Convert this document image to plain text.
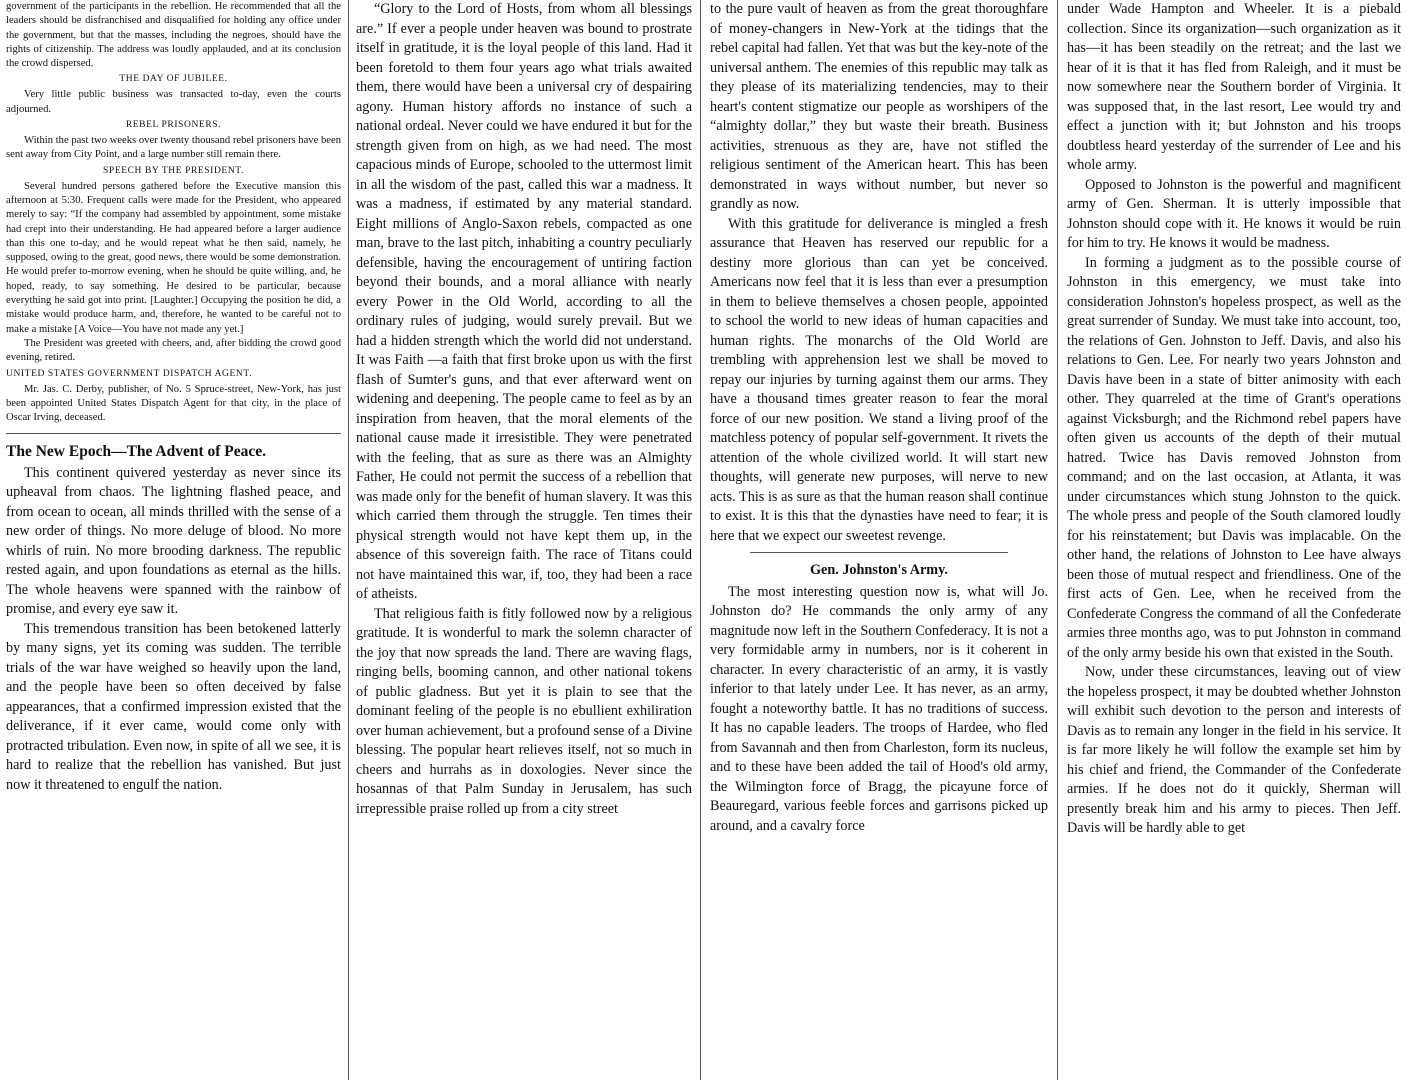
government of the participants in the rebellion. He recommended that all the leaders should be disfranchised and disqualified for holding any office under the government, but that the masses, including the negroes, should have the rights of citizenship. The address was loudly applauded, and at its conclusion the crowd dispersed.

THE DAY OF JUBILEE.

Very little public business was transacted to-day, even the courts adjourned.

REBEL PRISONERS.

Within the past two weeks over twenty thousand rebel prisoners have been sent away from City Point, and a large number still remain there.

SPEECH BY THE PRESIDENT.

Several hundred persons gathered before the Executive mansion this afternoon at 5:30. Frequent calls were made for the President, who appeared merely to say: “If the company had assembled by appointment, some mistake had crept into their understanding. He had appeared before a larger audience than this one to-day, and he would repeat what he then said, namely, he supposed, owing to the great, good news, there would be some demonstration. He would prefer to-morrow evening, when he should be quite willing, and, he hoped, ready, to say something. He desired to be particular, because everything he said got into print. [Laughter.] Occupying the position he did, a mistake would produce harm, and, therefore, he wanted to be careful not to make a mistake [A Voice—You have not made any yet.]

The President was greeted with cheers, and, after bidding the crowd good evening, retired.

UNITED STATES GOVERNMENT DISPATCH AGENT.

Mr. Jas. C. Derby, publisher, of No. 5 Spruce-street, New-York, has just been appointed United States Dispatch Agent for that city, in the place of Oscar Irving, deceased.

The New Epoch—The Advent of Peace.

This continent quivered yesterday as never since its upheaval from chaos. The lightning flashed peace, and from ocean to ocean, all minds thrilled with the sense of a new order of things. No more deluge of blood. No more whirls of ruin. No more brooding darkness. The republic rested again, and upon foundations as eternal as the hills. The whole heavens were spanned with the rainbow of promise, and every eye saw it.

This tremendous transition has been betokened latterly by many signs, yet its coming was sudden. The terrible trials of the war have weighed so heavily upon the land, and the people have been so often deceived by false appearances, that a confirmed impression existed that the deliverance, if it ever came, would come only with protracted tribulation. Even now, in spite of all we see, it is hard to realize that the rebellion has vanished. But just now it threatened to engulf the nation.

“Glory to the Lord of Hosts, from whom all blessings are.” If ever a people under heaven was bound to prostrate itself in gratitude, it is the loyal people of this land. Had it been foretold to them four years ago what trials awaited them, there would have been a universal cry of despairing agony. Human history affords no instance of such a national ordeal. Never could we have endured it but for the strength given from on high, as we had need. The most capacious minds of Europe, schooled to the uttermost limit in all the wisdom of the past, called this war a madness. It was a madness, if estimated by any material standard. Eight millions of Anglo-Saxon rebels, compacted as one man, brave to the last pitch, inhabiting a country peculiarly defensible, having the encouragement of untiring faction beyond their bounds, and a moral alliance with nearly every Power in the Old World, according to all the ordinary rules of judging, would surely prevail. But we had a hidden strength which the world did not understand. It was Faith —a faith that first broke upon us with the first flash of Sumter's guns, and that ever afterward went on widening and deepening. The people came to feel as by an inspiration from heaven, that the moral elements of the national cause made it irresistible. They were penetrated with the feeling, that as sure as there was an Almighty Father, He could not permit the success of a rebellion that was made only for the benefit of human slavery. It was this which carried them through the struggle. Ten times their physical strength would not have kept them up, in the absence of this sovereign faith. The race of Titans could not have maintained this war, if, too, they had been a race of atheists.

That religious faith is fitly followed now by a religious gratitude. It is wonderful to mark the solemn character of the joy that now spreads the land. There are waving flags, ringing bells, booming cannon, and other national tokens of public gladness. But yet it is plain to see that the dominant feeling of the people is no ebullient exhiliration over human achievement, but a profound sense of a Divine blessing. The popular heart relieves itself, not so much in cheers and hurrahs as in doxologies. Never since the hosannas of that Palm Sunday in Jerusalem, has such irrepressible praise rolled up from a city street

to the pure vault of heaven as from the great thoroughfare of money-changers in New-York at the tidings that the rebel capital had fallen. Yet that was but the key-note of the universal anthem. The enemies of this republic may talk as they please of its materializing tendencies, may to their heart's content stigmatize our people as worshipers of the “almighty dollar,” they but waste their breath. Business activities, strenuous as they are, have not stifled the religious sentiment of the American heart. This has been demonstrated in ways without number, but never so grandly as now.

With this gratitude for deliverance is mingled a fresh assurance that Heaven has reserved our republic for a destiny more glorious than can yet be conceived. Americans now feel that it is less than ever a presumption in them to believe themselves a chosen people, appointed to school the world to new ideas of human capacities and human rights. The monarchs of the Old World are trembling with apprehension lest we shall be moved to repay our injuries by turning against them our arms. They have a thousand times greater reason to fear the moral force of our new position. We stand a living proof of the matchless potency of popular self-government. It rivets the attention of the whole civilized world. It will start new thoughts, will generate new purposes, will nerve to new acts. This is as sure as that the human reason shall continue to exist. It is this that the dynasties have need to fear; it is here that we expect our sweetest revenge.

Gen. Johnston's Army.

The most interesting question now is, what will Jo. Johnston do? He commands the only army of any magnitude now left in the Southern Confederacy. It is not a very formidable army in numbers, nor is it coherent in character. In every characteristic of an army, it is vastly inferior to that lately under Lee. It has never, as an army, fought a noteworthy battle. It has no traditions of success. It has no capable leaders. The troops of Hardee, who fled from Savannah and then from Charleston, form its nucleus, and to these have been added the tail of Hood's old army, the Wilmington force of Bragg, the picayune force of Beauregard, various feeble forces and garrisons picked up around, and a cavalry force

under Wade Hampton and Wheeler. It is a piebald collection. Since its organization—such organization as it has—it has been steadily on the retreat; and the last we hear of it is that it has fled from Raleigh, and it must be now somewhere near the Southern border of Virginia. It was supposed that, in the last resort, Lee would try and effect a junction with it; but Johnston and his troops doubtless heard yesterday of the surrender of Lee and his whole army.

Opposed to Johnston is the powerful and magnificent army of Gen. Sherman. It is utterly impossible that Johnston should cope with it. He knows it would be ruin for him to try. He knows it would be madness.

In forming a judgment as to the possible course of Johnston in this emergency, we must take into consideration Johnston's hopeless prospect, as well as the great surrender of Sunday. We must take into account, too, the relations of Gen. Johnston to Jeff. Davis, and also his relations to Gen. Lee. For nearly two years Johnston and Davis have been in a state of bitter animosity with each other. They quarreled at the time of Grant's operations against Vicksburgh; and the Richmond rebel papers have often given us accounts of the depth of their mutual hatred. Twice has Davis removed Johnston from command; and on the last occasion, at Atlanta, it was under circumstances which stung Johnston to the quick. The whole press and people of the South clamored loudly for his reinstatement; but Davis was implacable. On the other hand, the relations of Johnston to Lee have always been those of mutual respect and friendliness. One of the first acts of Gen. Lee, when he received from the Confederate Congress the command of all the Confederate armies three months ago, was to put Johnston in command of the only army beside his own that existed in the South.

Now, under these circumstances, leaving out of view the hopeless prospect, it may be doubted whether Johnston will exhibit such devotion to the person and interests of Davis as to remain any longer in the field in his service. It is far more likely he will follow the example set him by his chief and friend, the Commander of the Confederate armies. If he does not do it quickly, Sherman will presently break him and his army to pieces. Then Jeff. Davis will be hardly able to get
